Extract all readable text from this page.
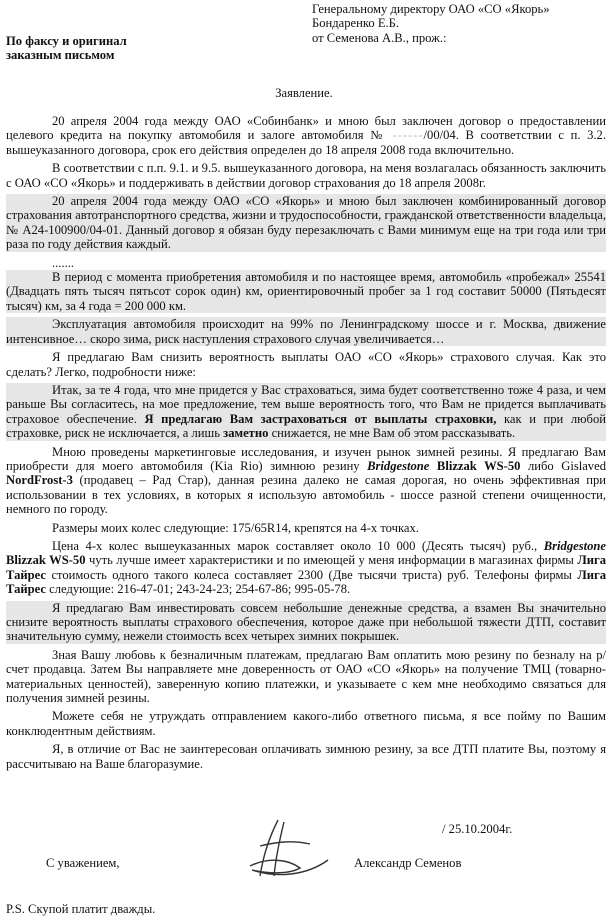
Генеральному директору ОАО «СО «Якорь»
Бондаренко Е.Б.
от Семенова А.В., прож.:
По факсу и оригинал
заказным письмом
Заявление.

20 апреля 2004 года между ОАО «Собинбанк» и мною был заключен договор о предоставлении целевого кредита на покупку автомобиля и залоге автомобиля № ------/00/04. В соответствии с п. 3.2. вышеуказанного договора, срок его действия определен до 18 апреля 2008 года включительно.

В соответствии с п.п. 9.1. и 9.5. вышеуказанного договора, на меня возлагалась обязанность заключить с ОАО «СО «Якорь» и поддерживать в действии договор страхования до 18 апреля 2008г.

20 апреля 2004 года между ОАО «СО «Якорь» и мною был заключен комбинированный договор страхования автотранспортного средства, жизни и трудоспособности, гражданской ответственности владельца, № А24-100900/04-01. Данный договор я обязан буду перезаключать с Вами минимум еще на три года или три раза по году действия каждый.

.......

В период с момента приобретения автомобиля и по настоящее время, автомобиль «пробежал» 25541 (Двадцать пять тысяч пятьсот сорок один) км, ориентировочный пробег за 1 год составит 50000 (Пятьдесят тысяч) км, за 4 года = 200 000 км.

Эксплуатация автомобиля происходит на 99% по Ленинградскому шоссе и г. Москва, движение интенсивное… скоро зима, риск наступления страхового случая увеличивается…

Я предлагаю Вам снизить вероятность выплаты ОАО «СО «Якорь» страхового случая. Как это сделать? Легко, подробности ниже:

Итак, за те 4 года, что мне придется у Вас страховаться, зима будет соответственно тоже 4 раза, и чем раньше Вы согласитесь, на мое предложение, тем выше вероятность того, что Вам не придется выплачивать страховое обеспечение. Я предлагаю Вам застраховаться от выплаты страховки, как и при любой страховке, риск не исключается, а лишь заметно снижается, не мне Вам об этом рассказывать.

Мною проведены маркетинговые исследования, и изучен рынок зимней резины. Я предлагаю Вам приобрести для моего автомобиля (Kia Rio) зимнюю резину Bridgestone Blizzak WS-50 либо Gislaved NordFrost-3 (продавец – Рад Стар), данная резина далеко не самая дорогая, но очень эффективная при использовании в тех условиях, в которых я использую автомобиль - шоссе разной степени очищенности, немного по городу.

Размеры моих колес следующие: 175/65R14, крепятся на 4-х точках.

Цена 4-х колес вышеуказанных марок составляет около 10 000 (Десять тысяч) руб., Bridgestone Blizzak WS-50 чуть лучше имеет характеристики и по имеющей у меня информации в магазинах фирмы Лига Тайрес стоимость одного такого колеса составляет 2300 (Две тысячи триста) руб. Телефоны фирмы Лига Тайрес следующие: 216-47-01; 243-24-23; 254-67-86; 995-05-78.

Я предлагаю Вам инвестировать совсем небольшие денежные средства, а взамен Вы значительно снизите вероятность выплаты страхового обеспечения, которое даже при небольшой тяжести ДТП, составит значительную сумму, нежели стоимость всех четырех зимних покрышек.

Зная Вашу любовь к безналичным платежам, предлагаю Вам оплатить мою резину по безналу на р/счет продавца. Затем Вы направляете мне доверенность от ОАО «СО «Якорь» на получение ТМЦ (товарно-материальных ценностей), заверенную копию платежки, и указываете с кем мне необходимо связаться для получения зимней резины.

Можете себя не утруждать отправлением какого-либо ответного письма, я все пойму по Вашим конклюдентным действиям.

Я, в отличие от Вас не заинтересован оплачивать зимнюю резину, за все ДТП платите Вы, поэтому я рассчитываю на Ваше благоразумие.

/ 25.10.2004г.
С уважением,	Александр Семенов
P.S. Скупой платит дважды.
